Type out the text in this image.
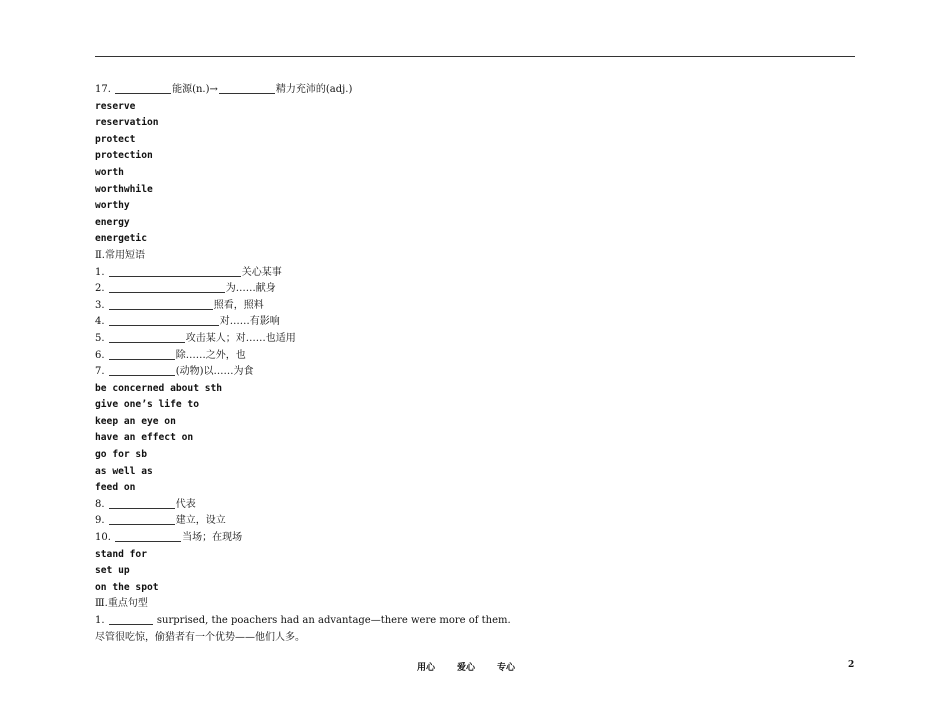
17.	能源(n.)→	精力充沛的(adj.)
reserve
reservation
protect
protection
worth
worthwhile
worthy
energy
energetic
Ⅱ.常用短语
1.	关心某事
2.	为……献身
3.	照看，照料
4.	对……有影响
5.	攻击某人；对……也适用
6.	除……之外，也
7.	(动物)以……为食
be concerned about sth
give one’s life to
keep an eye on
have an effect on
go for sb
as well as
feed on
8.	代表
9.	建立，设立
10.	当场；在现场
stand for
set up
on the spot
Ⅲ.重点句型
1.	surprised, the poachers had an advantage—there were more of them.
尽管很吃惊，偷猎者有一个优势——他们人多。
用心 爱心 专心	2
